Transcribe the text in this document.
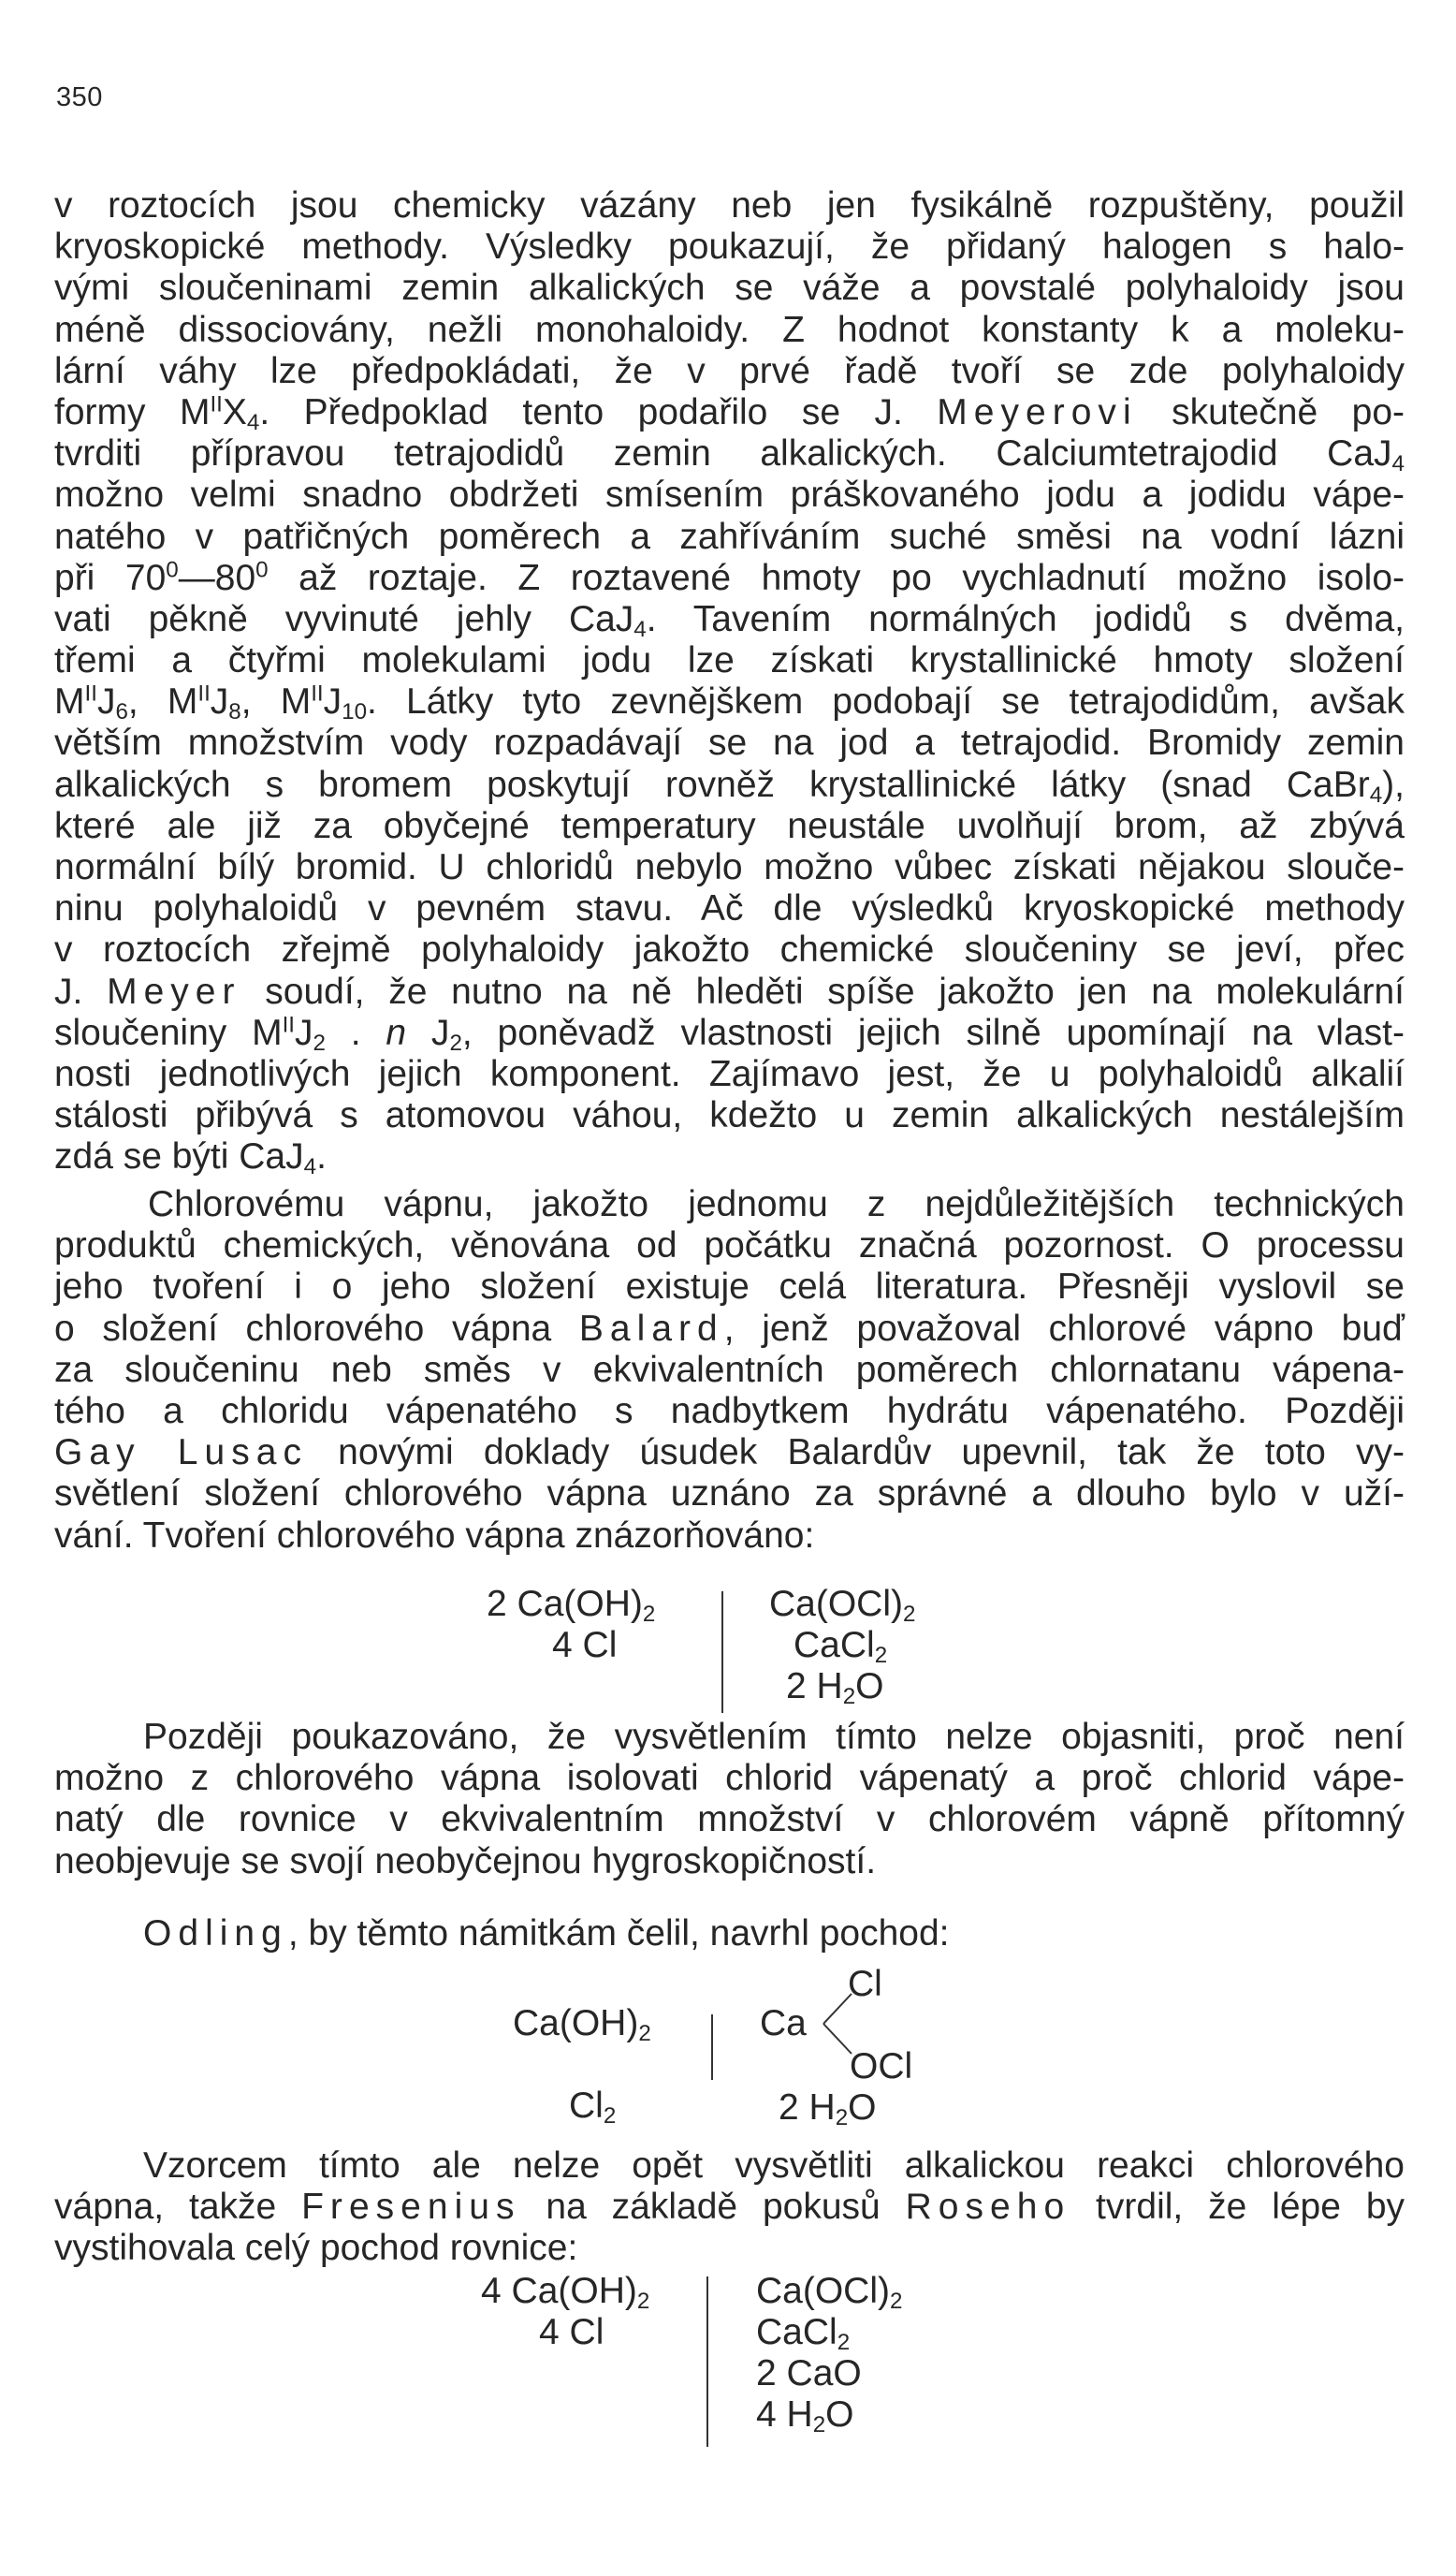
350
v roztocích jsou chemicky vázány neb jen fysikálně rozpuštěny, použil
kryoskopické methody. Výsledky poukazují, že přidaný halogen s halo-
vými sloučeninami zemin alkalických se váže a povstalé polyhaloidy jsou
méně dissociovány, nežli monohaloidy. Z hodnot konstanty k a moleku-
lární váhy lze předpokládati, že v prvé řadě tvoří se zde polyhaloidy
formy $M^{II}X_4$. Předpoklad tento podařilo se J. Meyerovi skutečně po-
tvrditi přípravou tetrajodidů zemin alkalických. Calciumtetrajodid CaJ$_4$
možno velmi snadno obdržeti smísením práškovaného jodu a jodidu vápe-
natého v patřičných poměrech a zahříváním suché směsi na vodní lázni
při $70^0—80^0$ až roztaje. Z roztavené hmoty po vychladnutí možno isolo-
vati pěkně vyvinuté jehly CaJ$_4$. Tavením normálných jodidů s dvěma,
třemi a čtyřmi molekulami jodu lze získati krystallinické hmoty složení
$M^{II}J_6$, $M^{II}J_8$, $M^{II}J_{10}$. Látky tyto zevnějškem podobají se tetrajodidům, avšak
větším množstvím vody rozpadávají se na jod a tetrajodid. Bromidy zemin
alkalických s bromem poskytují rovněž krystallinické látky (snad CaBr$_4$),
které ale již za obyčejné temperatury neustále uvolňují brom, až zbývá
normální bílý bromid. U chloridů nebylo možno vůbec získati nějakou slouče-
ninu polyhaloidů v pevném stavu. Ač dle výsledků kryoskopické methody
v roztocích zřejmě polyhaloidy jakožto chemické sloučeniny se jeví, přec
J. Meyer soudí, že nutno na ně hleděti spíše jakožto jen na molekulární
sloučeniny $M^{II}J_2$ . n $J_2$, poněvadž vlastnosti jejich silně upomínají na vlast-
nosti jednotlivých jejich komponent. Zajímavo jest, že u polyhaloidů alkalií
stálosti přibývá s atomovou váhou, kdežto u zemin alkalických nestálejším
zdá se býti CaJ$_4$.
Chlorovému vápnu, jakožto jednomu z nejdůležitějších technických
produktů chemických, věnována od počátku značná pozornost. O processu
jeho tvoření i o jeho složení existuje celá literatura. Přesněji vyslovil se
o složení chlorového vápna Balard, jenž považoval chlorové vápno buď
za sloučeninu neb směs v ekvivalentních poměrech chlornatanu vápena-
tého a chloridu vápenatého s nadbytkem hydrátu vápenatého. Později
Gay Lusac novými doklady úsudek Balardův upevnil, tak že toto vy-
světlení složení chlorového vápna uznáno za správné a dlouho bylo v uží-
vání. Tvoření chlorového vápna znázorňováno:
2 $Ca(OH)_2$
4 Cl
$Ca(OCl)_2$
CaCl$_2$
2 $H_2O$
Později poukazováno, že vysvětlením tímto nelze objasniti, proč není
možno z chlorového vápna isolovati chlorid vápenatý a proč chlorid vápe-
natý dle rovnice v ekvivalentním množství v chlorovém vápně přítomný
neobjevuje se svojí neobyčejnou hygroskopičností.
Odling, by těmto námitkám čelil, navrhl pochod:
$Ca(OH)_2$
$Cl_2$
Ca
Cl
OCl
2 $H_2O$
Vzorcem tímto ale nelze opět vysvětliti alkalickou reakci chlorového
vápna, takže Fresenius na základě pokusů Roseho tvrdil, že lépe by
vystihovala celý pochod rovnice:
4 $Ca(OH)_2$
4 Cl
$Ca(OCl)_2$
CaCl$_2$
2 CaO
4 $H_2O$
